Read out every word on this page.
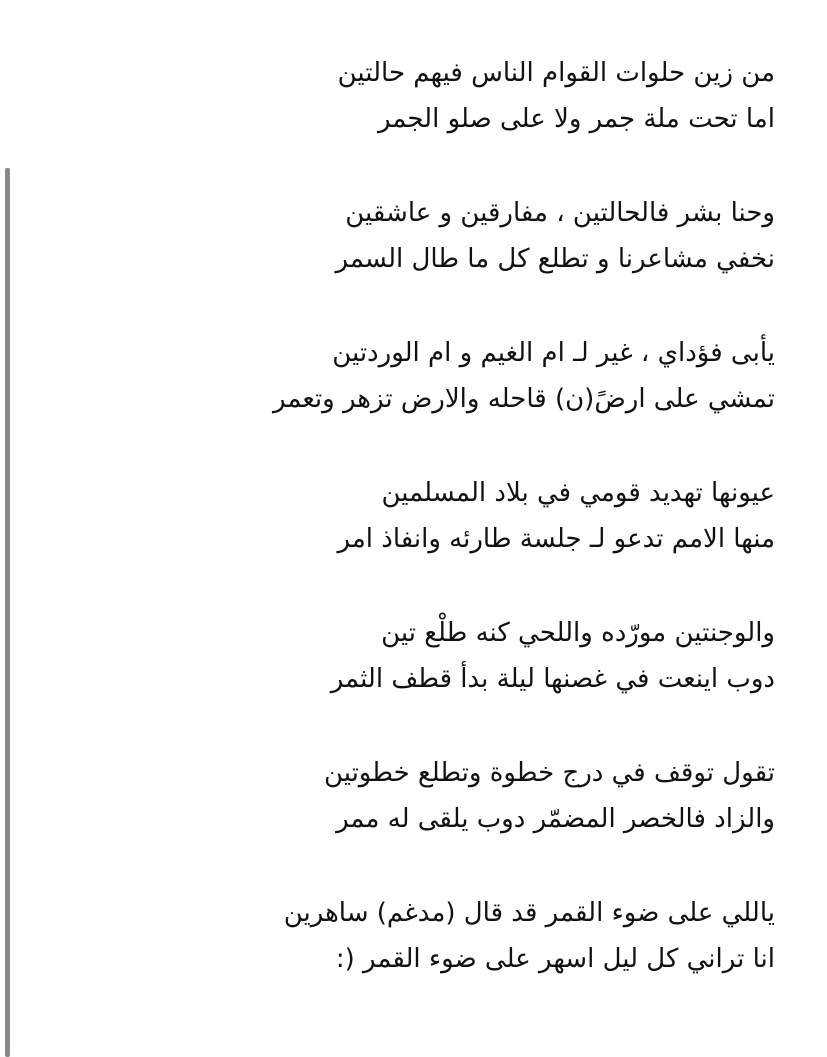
من زين حلوات القوام الناس فيهم حالتين
اما تحت ملة جمر ولا على صلو الجمر
وحنا بشر فالحالتين ، مفارقين و عاشقين
نخفي مشاعرنا و تطلع كل ما طال السمر
يأبى فؤداي ، غير لـ ام الغيم و ام الوردتين
تمشي على ارضً(ن) قاحله والارض تزهر وتعمر
عيونها تهديد قومي في بلاد المسلمين
منها الامم تدعو لـ جلسة طارئه وانفاذ امر
والوجنتين مورّده واللحي كنه طلْع تين
دوب اينعت في غصنها ليلة بدأ قطف الثمر
تقول توقف في درج خطوة وتطلع خطوتين
والزاد فالخصر المضمّر دوب يلقى له ممر
ياللي على ضوء القمر قد قال (مدغم) ساهرين
انا تراني كل ليل اسهر على ضوء القمر (:
